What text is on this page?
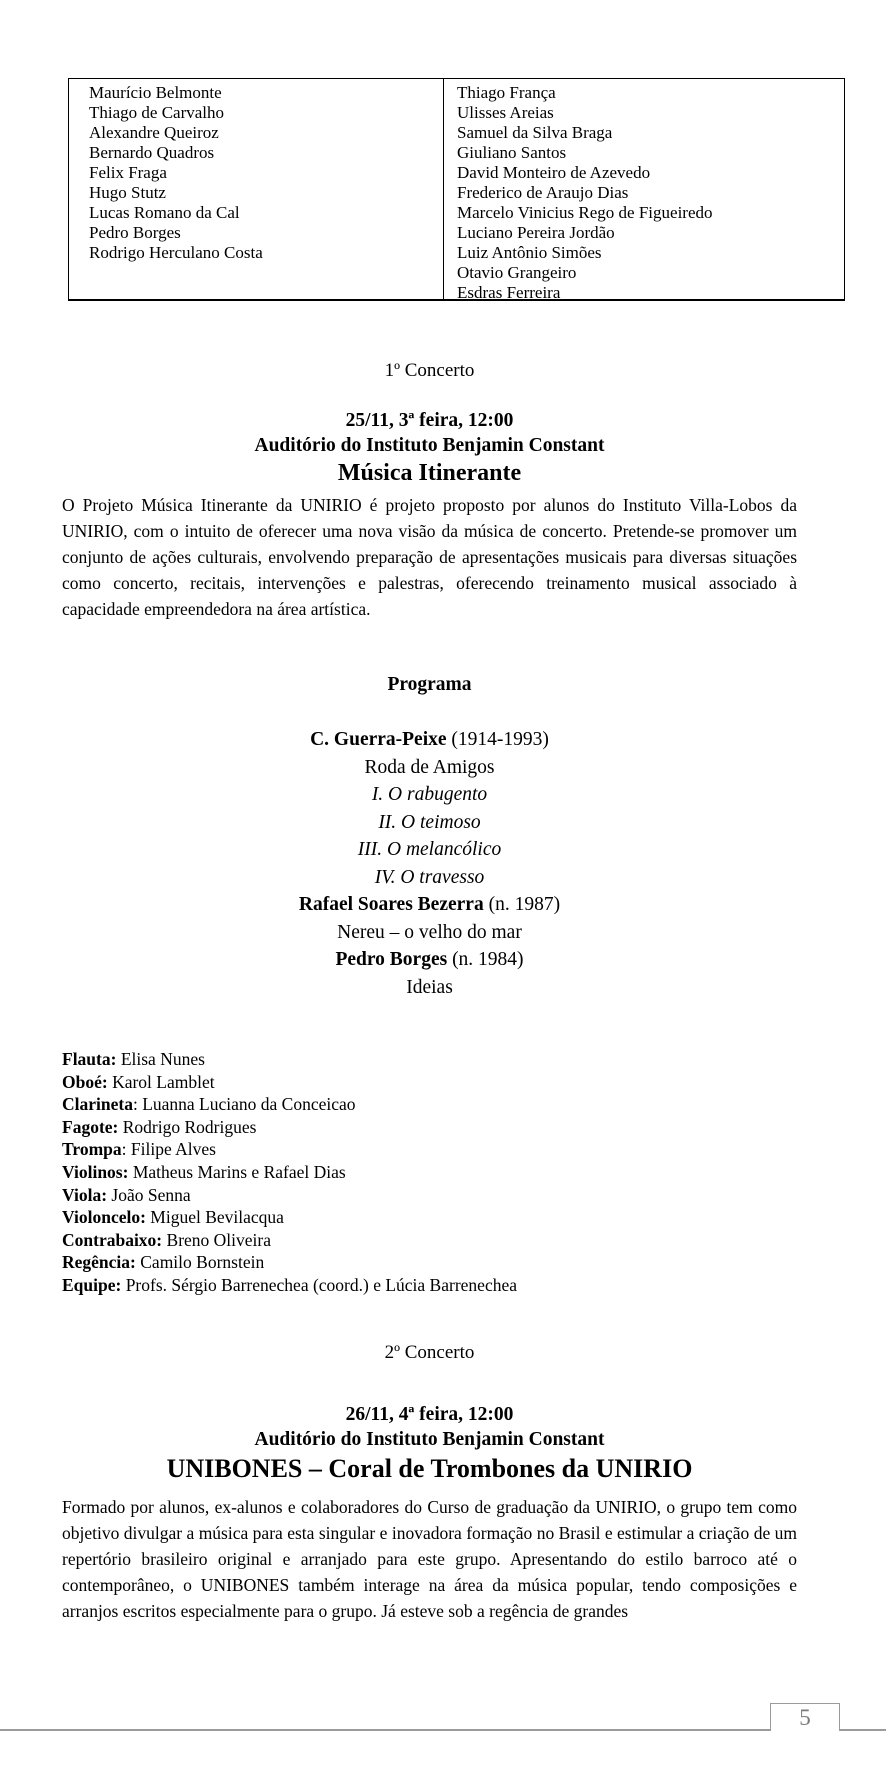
Maurício Belmonte
Thiago de Carvalho
Alexandre Queiroz
Bernardo Quadros
Felix Fraga
Hugo Stutz
Lucas Romano da Cal
Pedro Borges
Rodrigo Herculano Costa
Thiago França
Ulisses Areias
Samuel da Silva Braga
Giuliano Santos
David Monteiro de Azevedo
Frederico de Araujo Dias
Marcelo Vinicius Rego de Figueiredo
Luciano Pereira Jordão
Luiz Antônio Simões
Otavio Grangeiro
Esdras Ferreira
1º Concerto
25/11, 3ª feira, 12:00
Auditório do Instituto Benjamin Constant
Música Itinerante
O Projeto Música Itinerante da UNIRIO é projeto proposto por alunos do Instituto Villa-Lobos da UNIRIO, com o intuito de oferecer uma nova visão da música de concerto. Pretende-se promover um conjunto de ações culturais, envolvendo preparação de apresentações musicais para diversas situações como concerto, recitais, intervenções e palestras, oferecendo treinamento musical associado à capacidade empreendedora na área artística.
Programa
C. Guerra-Peixe (1914-1993)
Roda de Amigos
I. O rabugento
II. O teimoso
III. O melancólico
IV. O travesso
Rafael Soares Bezerra (n. 1987)
Nereu – o velho do mar
Pedro Borges (n. 1984)
Ideias
Flauta: Elisa Nunes
Oboé: Karol Lamblet
Clarineta: Luanna Luciano da Conceicao
Fagote: Rodrigo Rodrigues
Trompa: Filipe Alves
Violinos: Matheus Marins e Rafael Dias
Viola: João Senna
Violoncelo: Miguel Bevilacqua
Contrabaixo: Breno Oliveira
Regência: Camilo Bornstein
Equipe: Profs. Sérgio Barrenechea (coord.) e Lúcia Barrenechea
2º Concerto
26/11, 4ª feira, 12:00
Auditório do Instituto Benjamin Constant
UNIBONES – Coral de Trombones da UNIRIO
Formado por alunos, ex-alunos e colaboradores do Curso de graduação da UNIRIO, o grupo tem como objetivo divulgar a música para esta singular e inovadora formação no Brasil e estimular a criação de um repertório brasileiro original e arranjado para este grupo. Apresentando do estilo barroco até o contemporâneo, o UNIBONES também interage na área da música popular, tendo composições e arranjos escritos especialmente para o grupo. Já esteve sob a regência de grandes
5
